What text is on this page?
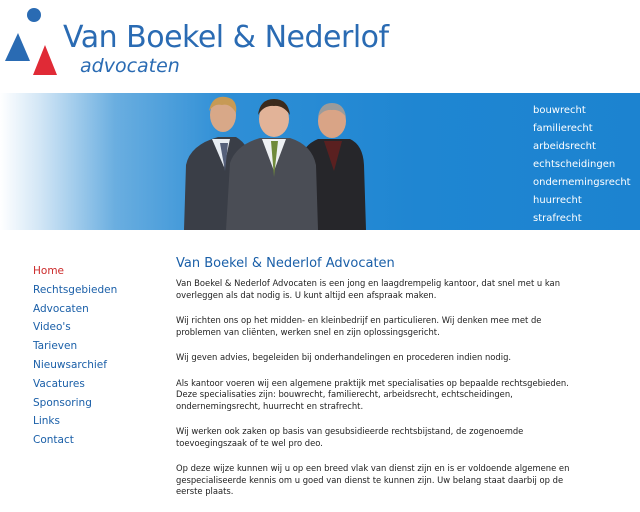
Van Boekel & Nederlof
advocaten
bouwrecht
familierecht
arbeidsrecht
echtscheidingen
ondernemingsrecht
huurrecht
strafrecht
Home
Rechtsgebieden
Advocaten
Video's
Tarieven
Nieuwsarchief
Vacatures
Sponsoring
Links
Contact
Van Boekel & Nederlof Advocaten

Van Boekel & Nederlof Advocaten is een jong en laagdrempelig kantoor, dat snel met u kan overleggen als dat nodig is. U kunt altijd een afspraak maken.

Wij richten ons op het midden- en kleinbedrijf en particulieren. Wij denken mee met de problemen van cliënten, werken snel en zijn oplossingsgericht.

Wij geven advies, begeleiden bij onderhandelingen en procederen indien nodig.

Als kantoor voeren wij een algemene praktijk met specialisaties op bepaalde rechtsgebieden. Deze specialisaties zijn: bouwrecht, familierecht, arbeidsrecht, echtscheidingen, ondernemingsrecht, huurrecht en strafrecht.

Wij werken ook zaken op basis van gesubsidieerde rechtsbijstand, de zogenoemde toevoegingszaak of te wel pro deo.

Op deze wijze kunnen wij u op een breed vlak van dienst zijn en is er voldoende algemene en gespecialiseerde kennis om u goed van dienst te kunnen zijn. Uw belang staat daarbij op de eerste plaats.
